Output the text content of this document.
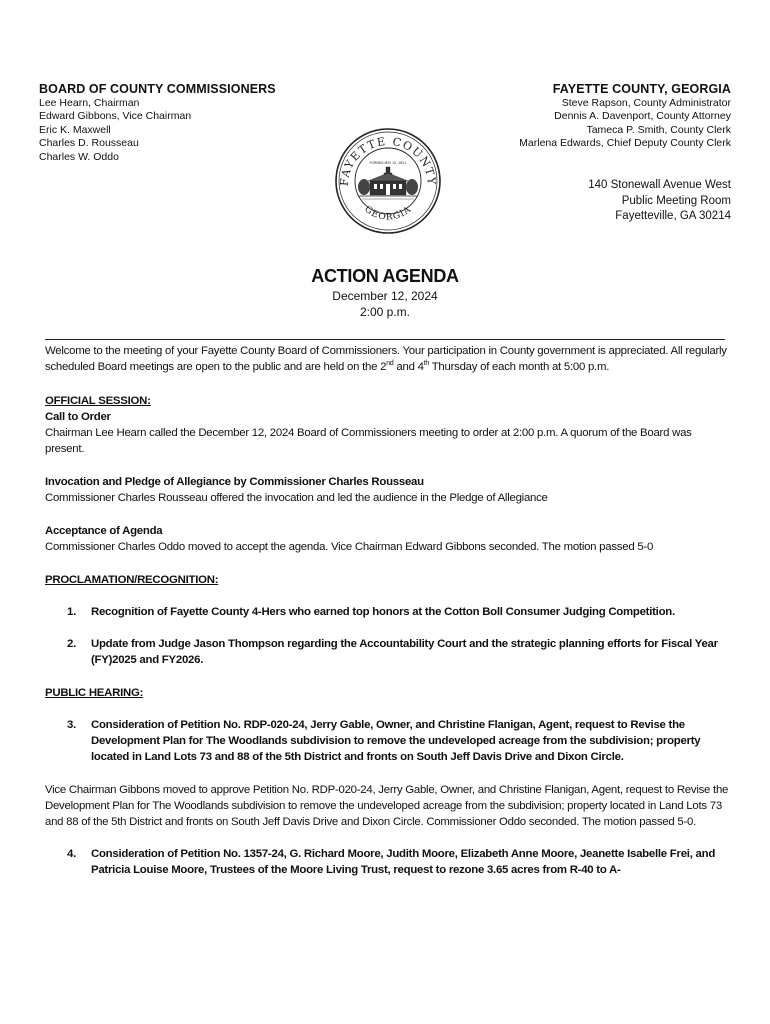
BOARD OF COUNTY COMMISSIONERS
Lee Hearn, Chairman
Edward Gibbons, Vice Chairman
Eric K. Maxwell
Charles D. Rousseau
Charles W. Oddo
FAYETTE COUNTY, GEORGIA
Steve Rapson, County Administrator
Dennis A. Davenport, County Attorney
Tameca P. Smith, County Clerk
Marlena Edwards, Chief Deputy County Clerk
140 Stonewall Avenue West
Public Meeting Room
Fayetteville, GA 30214
FAYETTE COUNTY
GEORGIA
FORMED MAY 15, 1821
ACTION AGENDA
December 12, 2024
2:00 p.m.

Welcome to the meeting of your Fayette County Board of Commissioners. Your participation in County government is appreciated. All regularly scheduled Board meetings are open to the public and are held on the 2nd and 4th Thursday of each month at 5:00 p.m.

OFFICIAL SESSION:

Call to Order

Chairman Lee Hearn called the December 12, 2024 Board of Commissioners meeting to order at 2:00 p.m. A quorum of the Board was present.

Invocation and Pledge of Allegiance by Commissioner Charles Rousseau

Commissioner Charles Rousseau offered the invocation and led the audience in the Pledge of Allegiance

Acceptance of Agenda

Commissioner Charles Oddo moved to accept the agenda. Vice Chairman Edward Gibbons seconded. The motion passed 5-0

PROCLAMATION/RECOGNITION:

1.	Recognition of Fayette County 4-Hers who earned top honors at the Cotton Boll Consumer Judging Competition.
2.	Update from Judge Jason Thompson regarding the Accountability Court and the strategic planning efforts for Fiscal Year (FY)2025 and FY2026.

PUBLIC HEARING:

3.	Consideration of Petition No. RDP-020-24, Jerry Gable, Owner, and Christine Flanigan, Agent, request to Revise the Development Plan for The Woodlands subdivision to remove the undeveloped acreage from the subdivision; property located in Land Lots 73 and 88 of the 5th District and fronts on South Jeff Davis Drive and Dixon Circle.

Vice Chairman Gibbons moved to approve Petition No. RDP-020-24, Jerry Gable, Owner, and Christine Flanigan, Agent, request to Revise the Development Plan for The Woodlands subdivision to remove the undeveloped acreage from the subdivision; property located in Land Lots 73 and 88 of the 5th District and fronts on South Jeff Davis Drive and Dixon Circle. Commissioner Oddo seconded. The motion passed 5-0.

4.	Consideration of Petition No. 1357-24, G. Richard Moore, Judith Moore, Elizabeth Anne Moore, Jeanette Isabelle Frei, and Patricia Louise Moore, Trustees of the Moore Living Trust, request to rezone 3.65 acres from R-40 to A-
